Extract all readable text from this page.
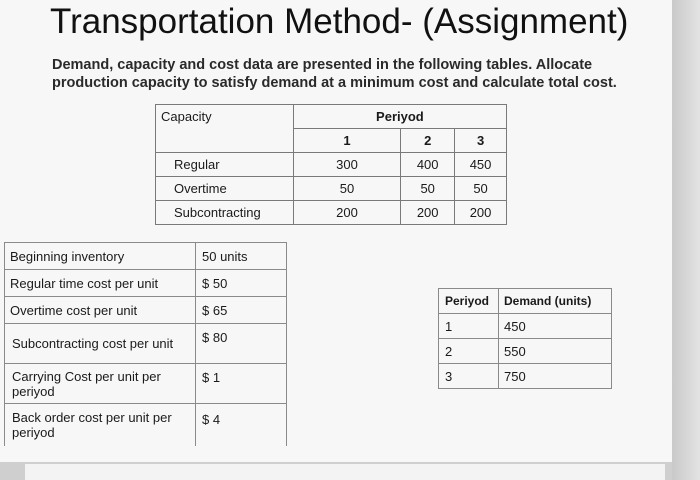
Transportation Method- (Assignment)
Demand, capacity and cost data are presented in the following tables. Allocate production capacity to satisfy demand at a minimum cost and calculate total cost.
Capacity	Periyod		
	1	2	3
Regular	300	400	450
Overtime	50	50	50
Subcontracting	200	200	200
Beginning inventory	50 units
Regular time cost per unit	$ 50
Overtime cost per unit	$ 65
Subcontracting cost per unit	$ 80
Carrying Cost per unit per periyod	$ 1
Back order cost per unit per periyod	$ 4
Periyod	Demand (units)
1	450
2	550
3	750
